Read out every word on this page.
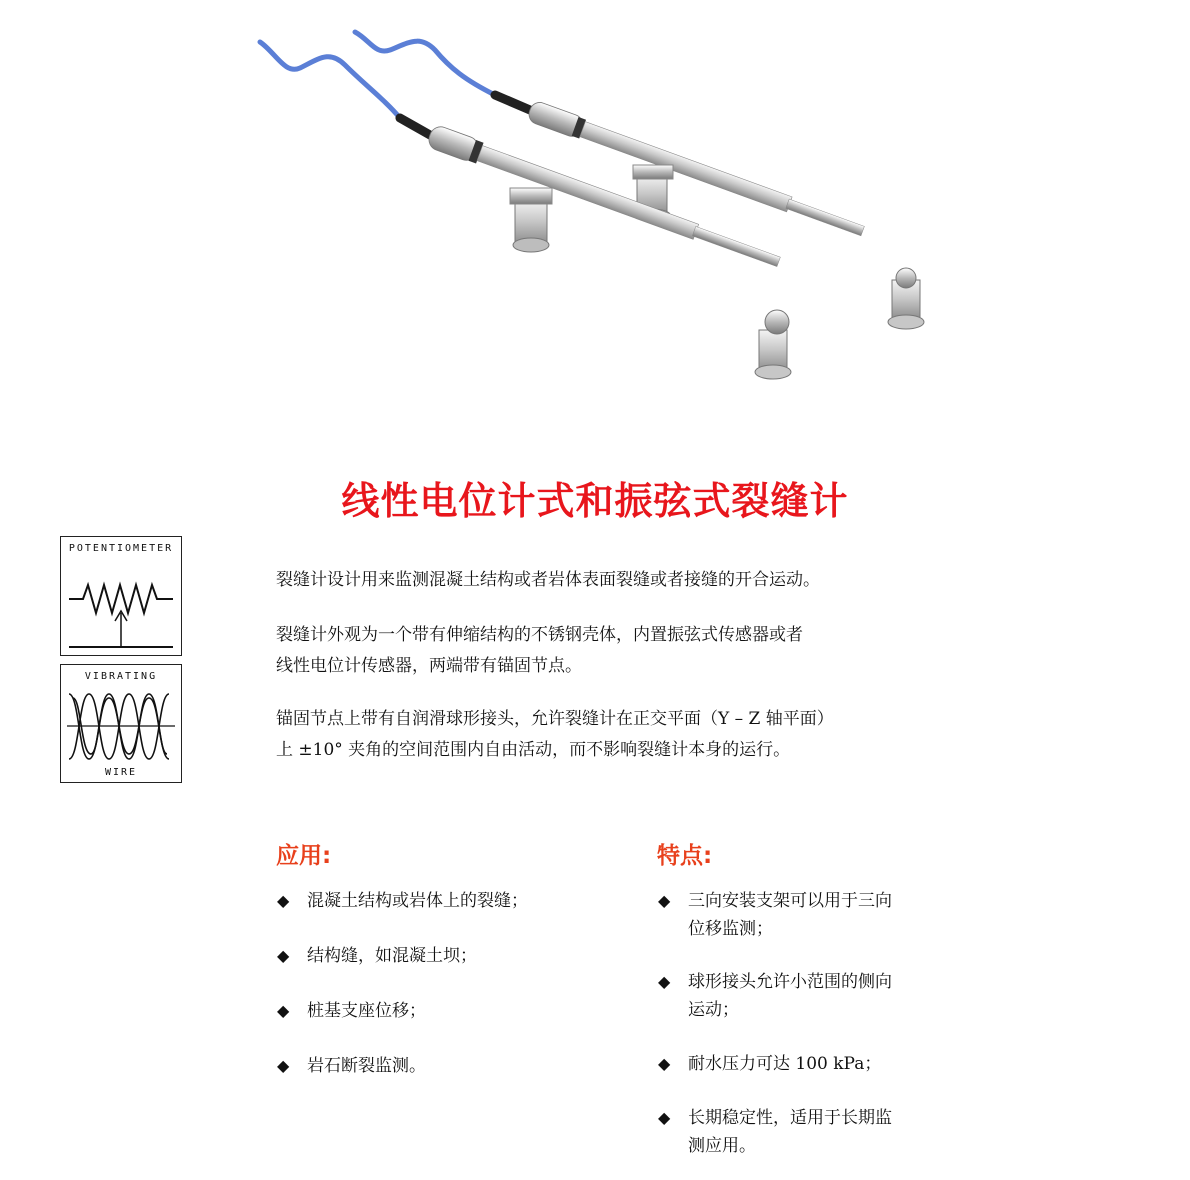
线性电位计式和振弦式裂缝计
POTENTIOMETER
VIBRATING
WIRE
裂缝计设计用来监测混凝土结构或者岩体表面裂缝或者接缝的开合运动。
裂缝计外观为一个带有伸缩结构的不锈钢壳体，内置振弦式传感器或者
线性电位计传感器，两端带有锚固节点。
锚固节点上带有自润滑球形接头，允许裂缝计在正交平面（Y – Z 轴平面）
上 ±10° 夹角的空间范围内自由活动，而不影响裂缝计本身的运行。
应用:
◆ 混凝土结构或岩体上的裂缝；
◆ 结构缝，如混凝土坝；
◆ 桩基支座位移；
◆ 岩石断裂监测。
特点:
◆ 三向安装支架可以用于三向
位移监测；
◆ 球形接头允许小范围的侧向
运动；
◆ 耐水压力可达 100 kPa；
◆ 长期稳定性，适用于长期监
测应用。
